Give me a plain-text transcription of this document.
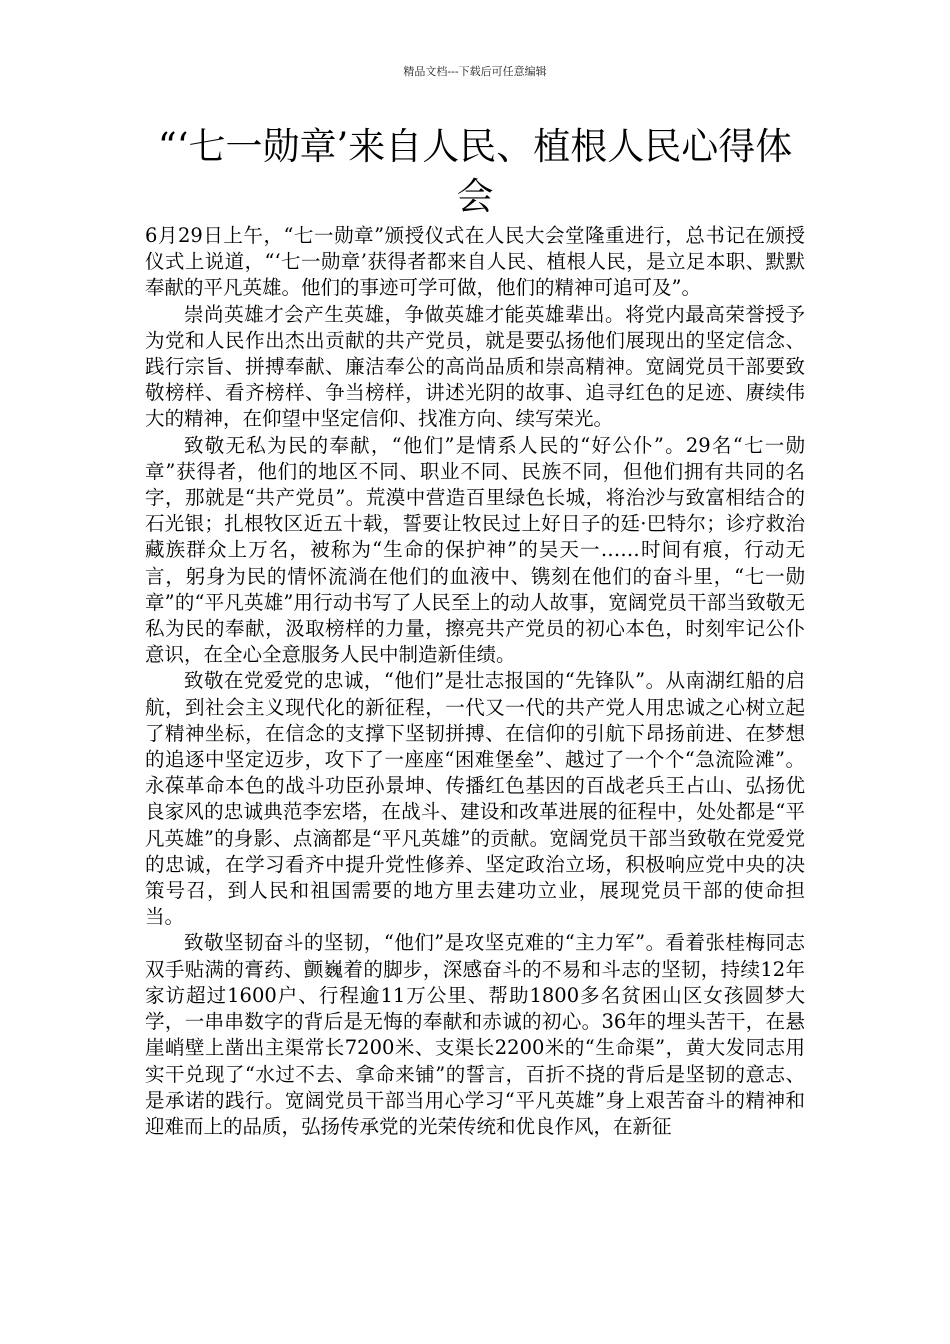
精品文档---下载后可任意编辑
“‘七一勋章’来自人民、植根人民心得体会

6月29日上午，“七一勋章”颁授仪式在人民大会堂隆重进行，总书记在颁授仪式上说道，“‘七一勋章’获得者都来自人民、植根人民，是立足本职、默默奉献的平凡英雄。他们的事迹可学可做，他们的精神可追可及”。

崇尚英雄才会产生英雄，争做英雄才能英雄辈出。将党内最高荣誉授予为党和人民作出杰出贡献的共产党员，就是要弘扬他们展现出的坚定信念、践行宗旨、拼搏奉献、廉洁奉公的高尚品质和崇高精神。宽阔党员干部要致敬榜样、看齐榜样、争当榜样，讲述光阴的故事、追寻红色的足迹、赓续伟大的精神，在仰望中坚定信仰、找准方向、续写荣光。

致敬无私为民的奉献，“他们”是情系人民的“好公仆”。29名“七一勋章”获得者，他们的地区不同、职业不同、民族不同，但他们拥有共同的名字，那就是“共产党员”。荒漠中营造百里绿色长城，将治沙与致富相结合的石光银；扎根牧区近五十载，誓要让牧民过上好日子的廷·巴特尔；诊疗救治藏族群众上万名，被称为“生命的保护神”的吴天一……时间有痕，行动无言，躬身为民的情怀流淌在他们的血液中、镌刻在他们的奋斗里，“七一勋章”的“平凡英雄”用行动书写了人民至上的动人故事，宽阔党员干部当致敬无私为民的奉献，汲取榜样的力量，擦亮共产党员的初心本色，时刻牢记公仆意识，在全心全意服务人民中制造新佳绩。

致敬在党爱党的忠诚，“他们”是壮志报国的“先锋队”。从南湖红船的启航，到社会主义现代化的新征程，一代又一代的共产党人用忠诚之心树立起了精神坐标，在信念的支撑下坚韧拼搏、在信仰的引航下昂扬前进、在梦想的追逐中坚定迈步，攻下了一座座“困难堡垒”、越过了一个个“急流险滩”。永葆革命本色的战斗功臣孙景坤、传播红色基因的百战老兵王占山、弘扬优良家风的忠诚典范李宏塔，在战斗、建设和改革进展的征程中，处处都是“平凡英雄”的身影、点滴都是“平凡英雄”的贡献。宽阔党员干部当致敬在党爱党的忠诚，在学习看齐中提升党性修养、坚定政治立场，积极响应党中央的决策号召，到人民和祖国需要的地方里去建功立业，展现党员干部的使命担当。

致敬坚韧奋斗的坚韧，“他们”是攻坚克难的“主力军”。看着张桂梅同志双手贴满的膏药、颤巍着的脚步，深感奋斗的不易和斗志的坚韧，持续12年家访超过1600户、行程逾11万公里、帮助1800多名贫困山区女孩圆梦大学，一串串数字的背后是无悔的奉献和赤诚的初心。36年的埋头苦干，在悬崖峭壁上凿出主渠常长7200米、支渠长2200米的“生命渠”，黄大发同志用实干兑现了“水过不去、拿命来铺”的誓言，百折不挠的背后是坚韧的意志、是承诺的践行。宽阔党员干部当用心学习“平凡英雄”身上艰苦奋斗的精神和迎难而上的品质，弘扬传承党的光荣传统和优良作风，在新征
